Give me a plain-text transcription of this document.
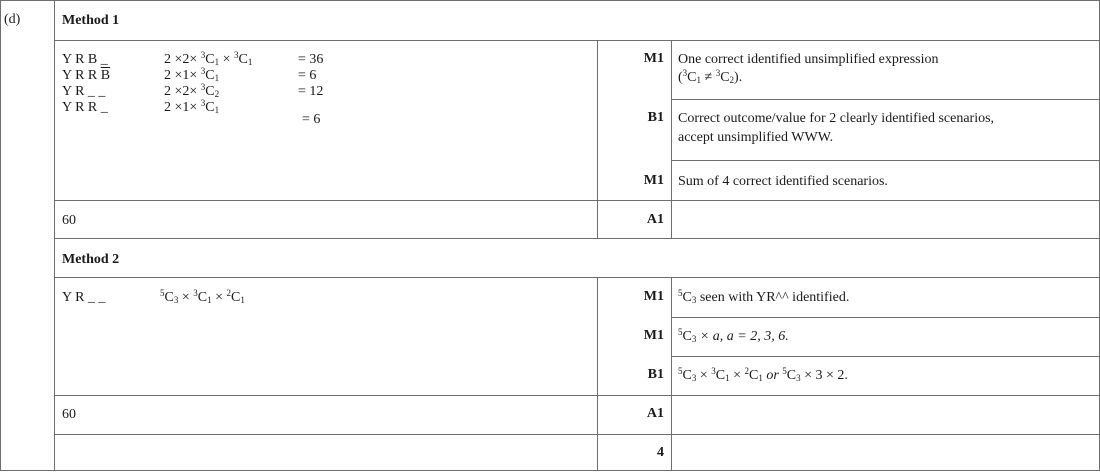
(d)	Method 1
Y R B _
Y R R $\overline{B}$
Y R _ _
Y R R _
$2 \times 2\times ^3C_1 \times ^3C_1$
$2 \times 1\times ^3C_1$
$2 \times 2\times ^3C_2$
$2 \times 1\times ^3C_1$
= 36
= 6
= 12
= 6
60
M1 One correct identified unsimplified expression
$(^3C_1 \ne ^3C_2)$.
B1 Correct outcome/value for 2 clearly identified scenarios,
accept unsimplified WWW.
M1 Sum of 4 correct identified scenarios.
A1
Method 2
Y R _ _	$^5C_3 \times ^3C_1 \times ^2C_1$
60
M1 $^5C_3$ seen with YR^^ identified.
M1 $^5C_3 \times a$, a = 2, 3, 6.
B1 $^5C_3 \times ^3C_1 \times ^2C_1$ or $^5C_3 \times 3 \times 2$.
A1
4
